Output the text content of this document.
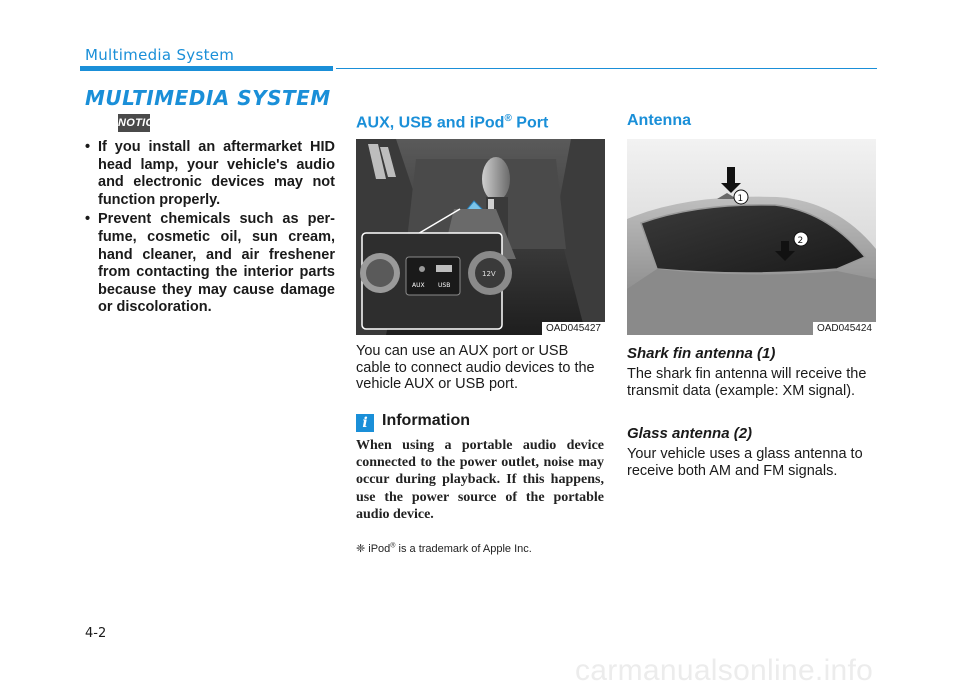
Multimedia System
MULTIMEDIA SYSTEM
NOTICE
• If you install an aftermarket HID head lamp, your vehicle's audio and electronic devices may not function properly.
• Prevent chemicals such as per-fume, cosmetic oil, sun cream, hand cleaner, and air freshener from contacting the interior parts because they may cause damage or discoloration.
AUX, USB and iPod® Port
AUX USB
12V
OAD045427
You can use an AUX port or USB cable to connect audio devices to the vehicle AUX or USB port.
i Information
When using a portable audio device connected to the power outlet, noise may occur during playback. If this happens, use the power source of the portable audio device.
❈ iPod® is a trademark of Apple Inc.
Antenna
1
2
OAD045424
Shark fin antenna (1)
The shark fin antenna will receive the transmit data (example: XM signal).
Glass antenna (2)
Your vehicle uses a glass antenna to receive both AM and FM signals.
4-2
carmanualsonline.info
